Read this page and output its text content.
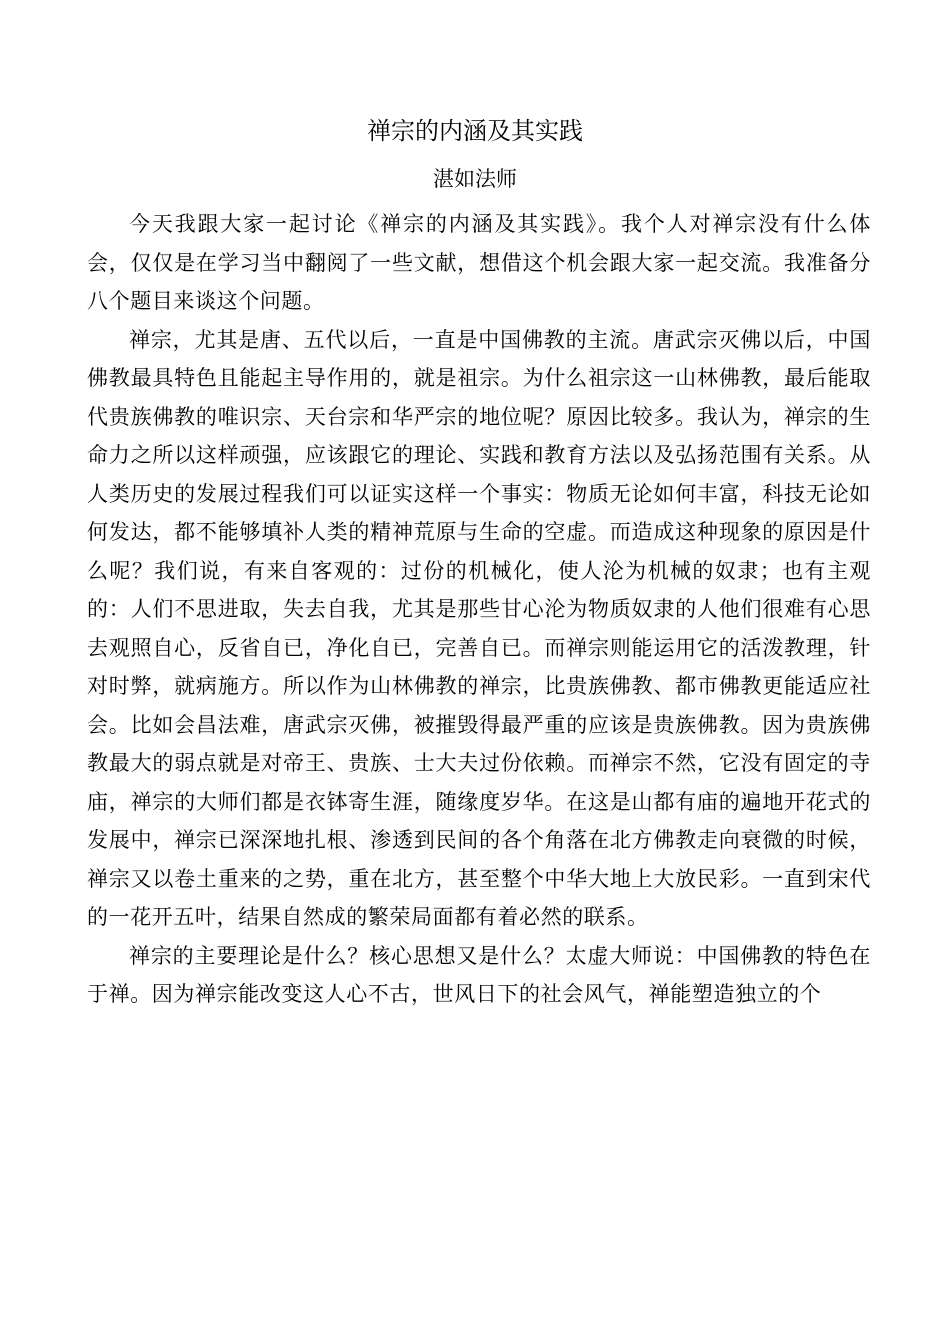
禅宗的内涵及其实践
湛如法师

今天我跟大家一起讨论《禅宗的内涵及其实践》。我个人对禅宗没有什么体会，仅仅是在学习当中翻阅了一些文献，想借这个机会跟大家一起交流。我准备分八个题目来谈这个问题。

禅宗，尤其是唐、五代以后，一直是中国佛教的主流。唐武宗灭佛以后，中国佛教最具特色且能起主导作用的，就是祖宗。为什么祖宗这一山林佛教，最后能取代贵族佛教的唯识宗、天台宗和华严宗的地位呢？原因比较多。我认为，禅宗的生命力之所以这样顽强，应该跟它的理论、实践和教育方法以及弘扬范围有关系。从人类历史的发展过程我们可以证实这样一个事实：物质无论如何丰富，科技无论如何发达，都不能够填补人类的精神荒原与生命的空虚。而造成这种现象的原因是什么呢？我们说，有来自客观的：过份的机械化，使人沦为机械的奴隶；也有主观的：人们不思进取，失去自我，尤其是那些甘心沦为物质奴隶的人他们很难有心思去观照自心，反省自已，净化自已，完善自已。而禅宗则能运用它的活泼教理，针对时弊，就病施方。所以作为山林佛教的禅宗，比贵族佛教、都市佛教更能适应社会。比如会昌法难，唐武宗灭佛，被摧毁得最严重的应该是贵族佛教。因为贵族佛教最大的弱点就是对帝王、贵族、士大夫过份依赖。而禅宗不然，它没有固定的寺庙，禅宗的大师们都是衣钵寄生涯，随缘度岁华。在这是山都有庙的遍地开花式的发展中，禅宗已深深地扎根、渗透到民间的各个角落在北方佛教走向衰微的时候，禅宗又以卷土重来的之势，重在北方，甚至整个中华大地上大放民彩。一直到宋代的一花开五叶，结果自然成的繁荣局面都有着必然的联系。

禅宗的主要理论是什么？核心思想又是什么？太虚大师说：中国佛教的特色在于禅。因为禅宗能改变这人心不古，世风日下的社会风气，禅能塑造独立的个
